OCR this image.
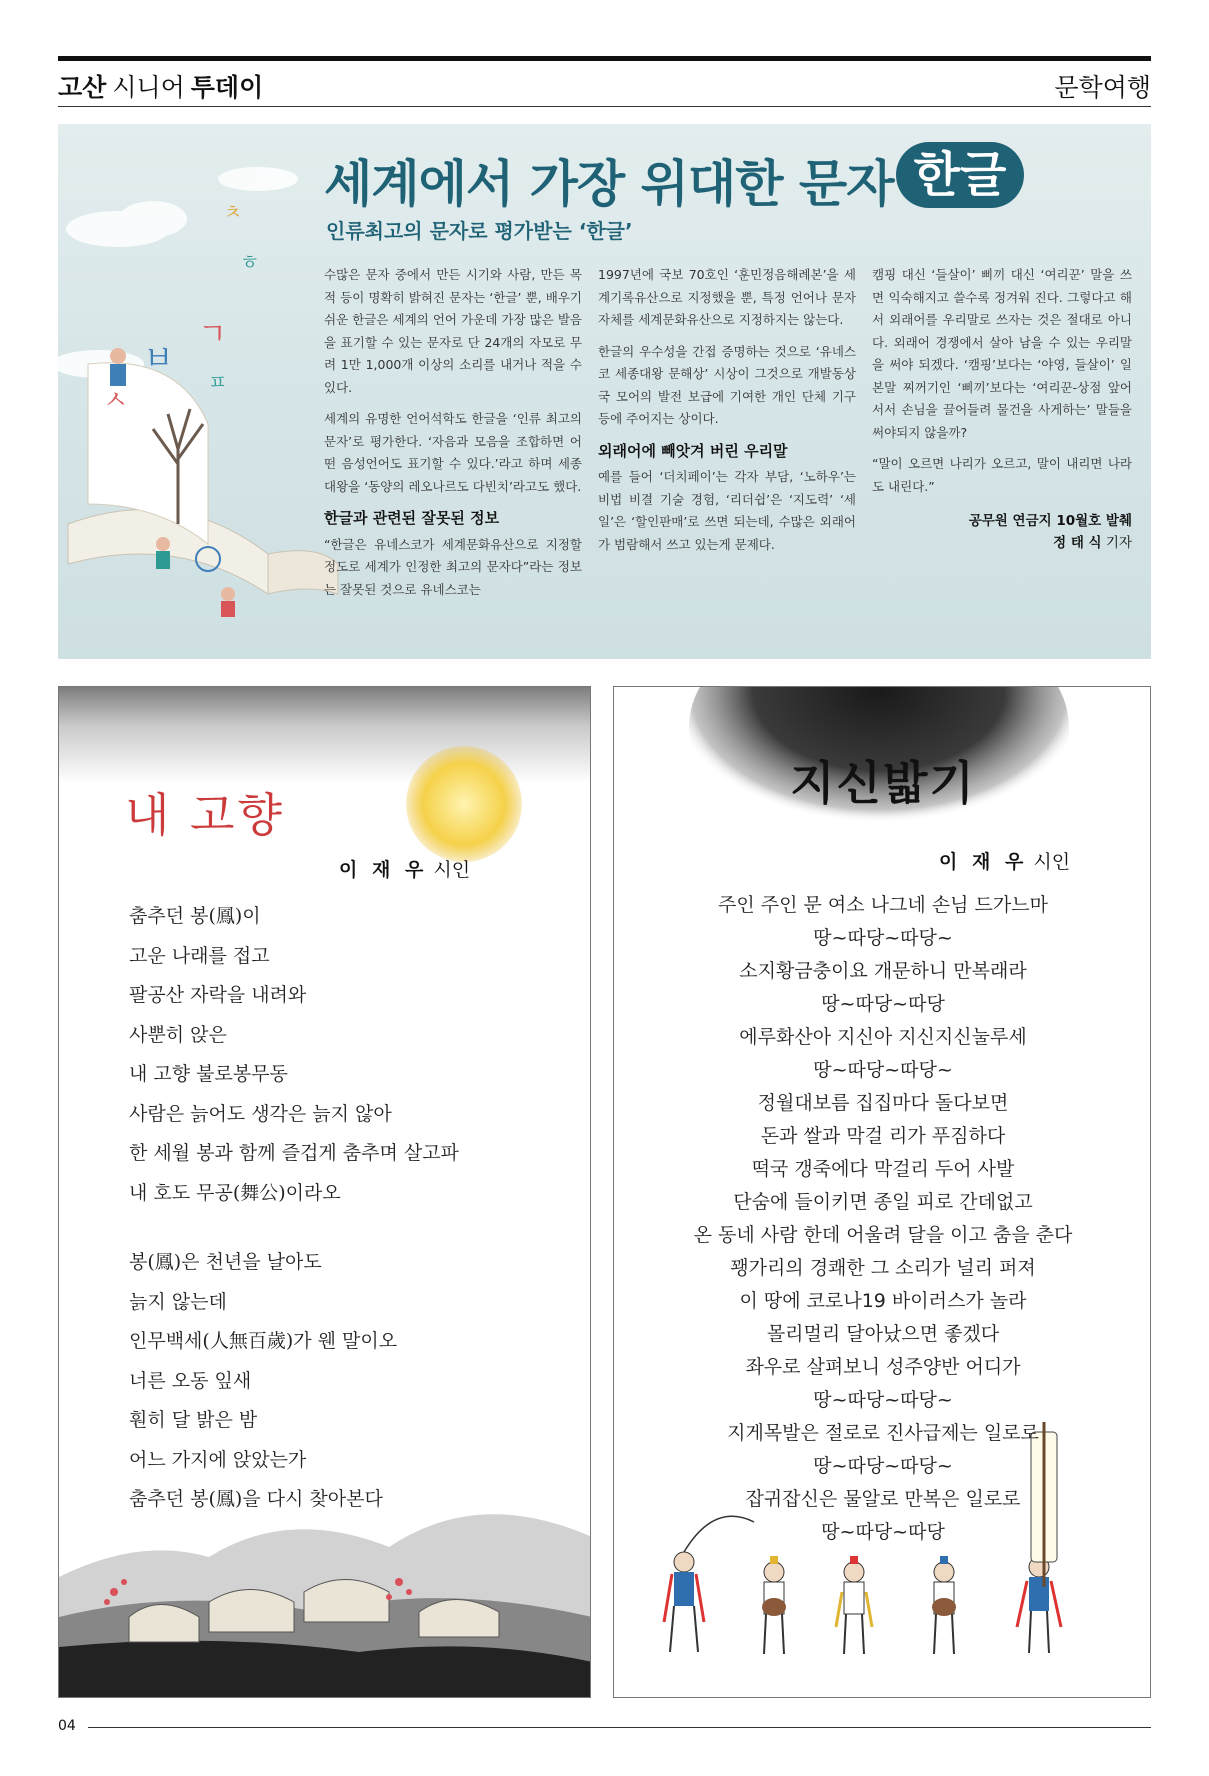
고산 시니어 투데이	문학여행
ㅊ
ㅎ
ㅂ
ㄱ
ㅍ
ㅅ
세계에서 가장 위대한 문자 한글
인류최고의 문자로 평가받는 ‘한글’

수많은 문자 중에서 만든 시기와 사람, 만든 목적 등이 명확히 밝혀진 문자는 ‘한글’ 뿐, 배우기 쉬운 한글은 세계의 언어 가운데 가장 많은 발음을 표기할 수 있는 문자로 단 24개의 자모로 무려 1만 1,000개 이상의 소리를 내거나 적을 수 있다.

세계의 유명한 언어석학도 한글을 ‘인류 최고의 문자’로 평가한다. ‘자음과 모음을 조합하면 어떤 음성언어도 표기할 수 있다.’라고 하며 세종대왕을 ‘동양의 레오나르도 다빈치’라고도 했다.

한글과 관련된 잘못된 정보

“한글은 유네스코가 세계문화유산으로 지정할 정도로 세계가 인정한 최고의 문자다”라는 정보는 잘못된 것으로 유네스코는

1997년에 국보 70호인 ‘훈민정음해례본’을 세계기록유산으로 지정했을 뿐, 특정 언어나 문자 자체를 세계문화유산으로 지정하지는 않는다.

한글의 우수성을 간접 증명하는 것으로 ‘유네스코 세종대왕 문해상’ 시상이 그것으로 개발동상국 모어의 발전 보급에 기여한 개인 단체 기구 등에 주어지는 상이다.

외래어에 빼앗겨 버린 우리말

예를 들어 ‘더치페이’는 각자 부담, ‘노하우’는 비법 비결 기술 경험, ‘리더쉽’은 ‘지도력’ ‘세일’은 ‘할인판매’로 쓰면 되는데, 수많은 외래어가 범람해서 쓰고 있는게 문제다.

캠핑 대신 ‘들살이’ 삐끼 대신 ‘여리꾼’ 말을 쓰면 익숙해지고 쓸수록 정겨워 진다. 그렇다고 해서 외래어를 우리말로 쓰자는 것은 절대로 아니다. 외래어 경쟁에서 살아 남을 수 있는 우리말을 써야 되겠다. ‘캠핑’보다는 ‘야영, 들살이’ 일본말 찌꺼기인 ‘삐끼’보다는 ‘여리꾼-상점 앞어 서서 손님을 끌어들려 물건을 사게하는’ 말들을 써야되지 않을까?

“말이 오르면 나리가 오르고, 말이 내리면 나라도 내린다.”

공무원 연금지 10월호 발췌
정 태 식 기자
내 고향
이 재 우 시인
춤추던 봉(鳳)이
고운 나래를 접고
팔공산 자락을 내려와
사뿐히 앉은
내 고향 불로봉무동
사람은 늙어도 생각은 늙지 않아
한 세월 봉과 함께 즐겁게 춤추며 살고파
내 호도 무공(舞公)이라오
봉(鳳)은 천년을 날아도
늙지 않는데
인무백세(人無百歲)가 웬 말이오
너른 오동 잎새
훤히 달 밝은 밤
어느 가지에 앉았는가
춤추던 봉(鳳)을 다시 찾아본다
지신밟기
이 재 우 시인
주인 주인 문 여소 나그네 손님 드가느마
땅~따당~따당~
소지황금충이요 개문하니 만복래라
땅~따당~따당
에루화산아 지신아 지신지신눌루세
땅~따당~따당~
정월대보름 집집마다 돌다보면
돈과 쌀과 막걸 리가 푸짐하다
떡국 갱죽에다 막걸리 두어 사발
단숨에 들이키면 종일 피로 간데없고
온 동네 사람 한데 어울려 달을 이고 춤을 춘다
꽹가리의 경쾌한 그 소리가 널리 퍼져
이 땅에 코로나19 바이러스가 놀라
몰리멀리 달아났으면 좋겠다
좌우로 살펴보니 성주양반 어디가
땅~따당~따당~
지게목발은 절로로 진사급제는 일로로
땅~따당~따당~
잡귀잡신은 물알로 만복은 일로로
땅~따당~따당
04
